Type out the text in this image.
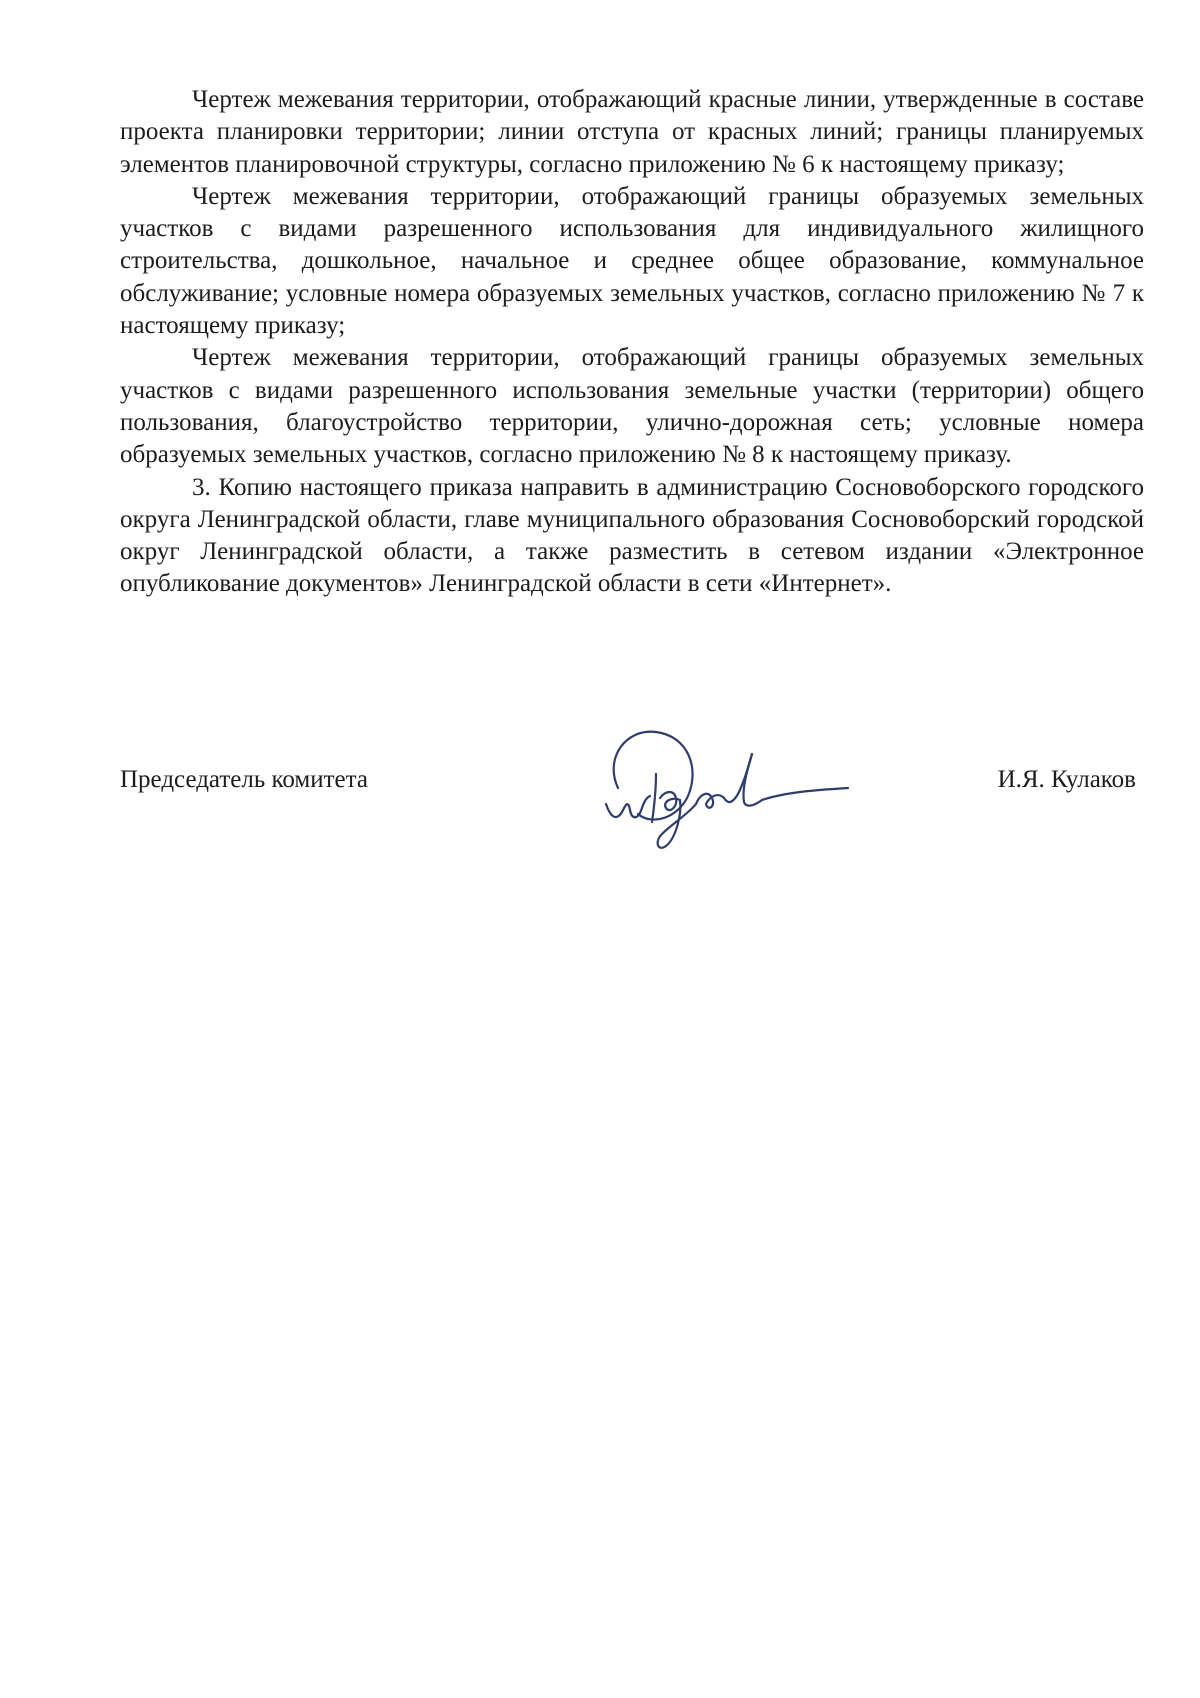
Чертеж межевания территории, отображающий красные линии, утвержденные в составе проекта планировки территории; линии отступа от красных линий; границы планируемых элементов планировочной структуры, согласно приложению № 6 к настоящему приказу;

Чертеж межевания территории, отображающий границы образуемых земельных участков с видами разрешенного использования для индивидуального жилищного строительства, дошкольное, начальное и среднее общее образование, коммунальное обслуживание; условные номера образуемых земельных участков, согласно приложению № 7 к настоящему приказу;

Чертеж межевания территории, отображающий границы образуемых земельных участков с видами разрешенного использования земельные участки (территории) общего пользования, благоустройство территории, улично-дорожная сеть; условные номера образуемых земельных участков, согласно приложению № 8 к настоящему приказу.

3. Копию настоящего приказа направить в администрацию Сосновоборского городского округа Ленинградской области, главе муниципального образования Сосновоборский городской округ Ленинградской области, а также разместить в сетевом издании «Электронное опубликование документов» Ленинградской области в сети «Интернет».

Председатель комитета	И.Я. Кулаков
